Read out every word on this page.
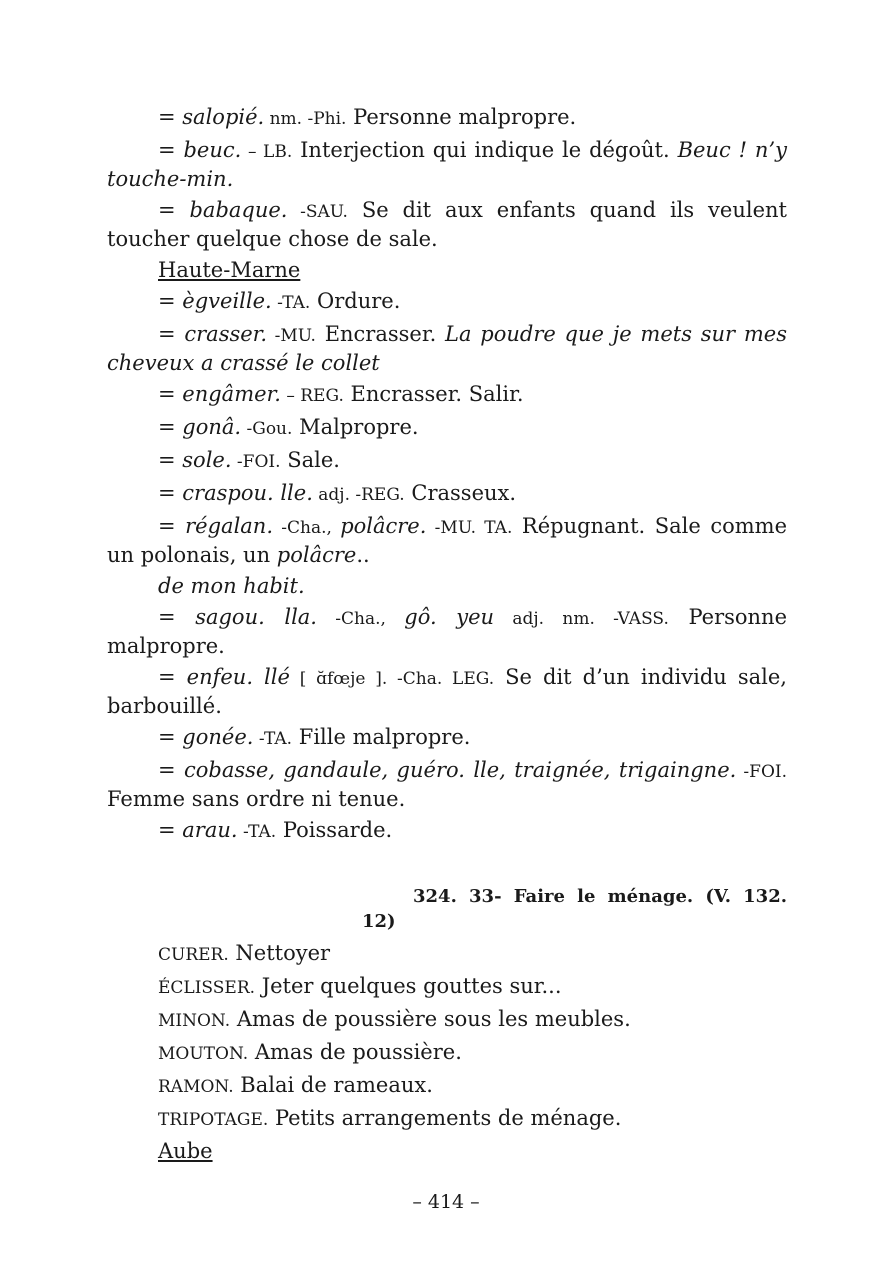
= salopié. nm. -Phi. Personne malpropre.
= beuc. – LB. Interjection qui indique le dégoût. Beuc ! n’y touche-min.
= babaque. -SAU. Se dit aux enfants quand ils veulent toucher quelque chose de sale.
Haute-Marne
= ègveille. -TA. Ordure.
= crasser. -MU. Encrasser. La poudre que je mets sur mes cheveux a crassé le collet
= engâmer. – REG. Encrasser. Salir.
= gonâ. -Gou. Malpropre.
= sole. -FOI. Sale.
= craspou. lle. adj. -REG. Crasseux.
= régalan. -Cha., polâcre. -MU. TA. Répugnant. Sale comme un polonais, un polâcre..
de mon habit.
= sagou. lla. -Cha., gô. yeu adj. nm. -VASS. Personne malpropre.
= enfeu. llé [ ɑ̆fœje ]. -Cha. LEG. Se dit d’un individu sale, barbouillé.
= gonée. -TA. Fille malpropre.
= cobasse, gandaule, guéro. lle, traignée, trigaingne. -FOI. Femme sans ordre ni tenue.
= arau. -TA. Poissarde.
324. 33- Faire le ménage. (V. 132. 12)
CURER. Nettoyer
ÉCLISSER. Jeter quelques gouttes sur...
MINON. Amas de poussière sous les meubles.
MOUTON. Amas de poussière.
RAMON. Balai de rameaux.
TRIPOTAGE. Petits arrangements de ménage.
Aube
– 414 –
